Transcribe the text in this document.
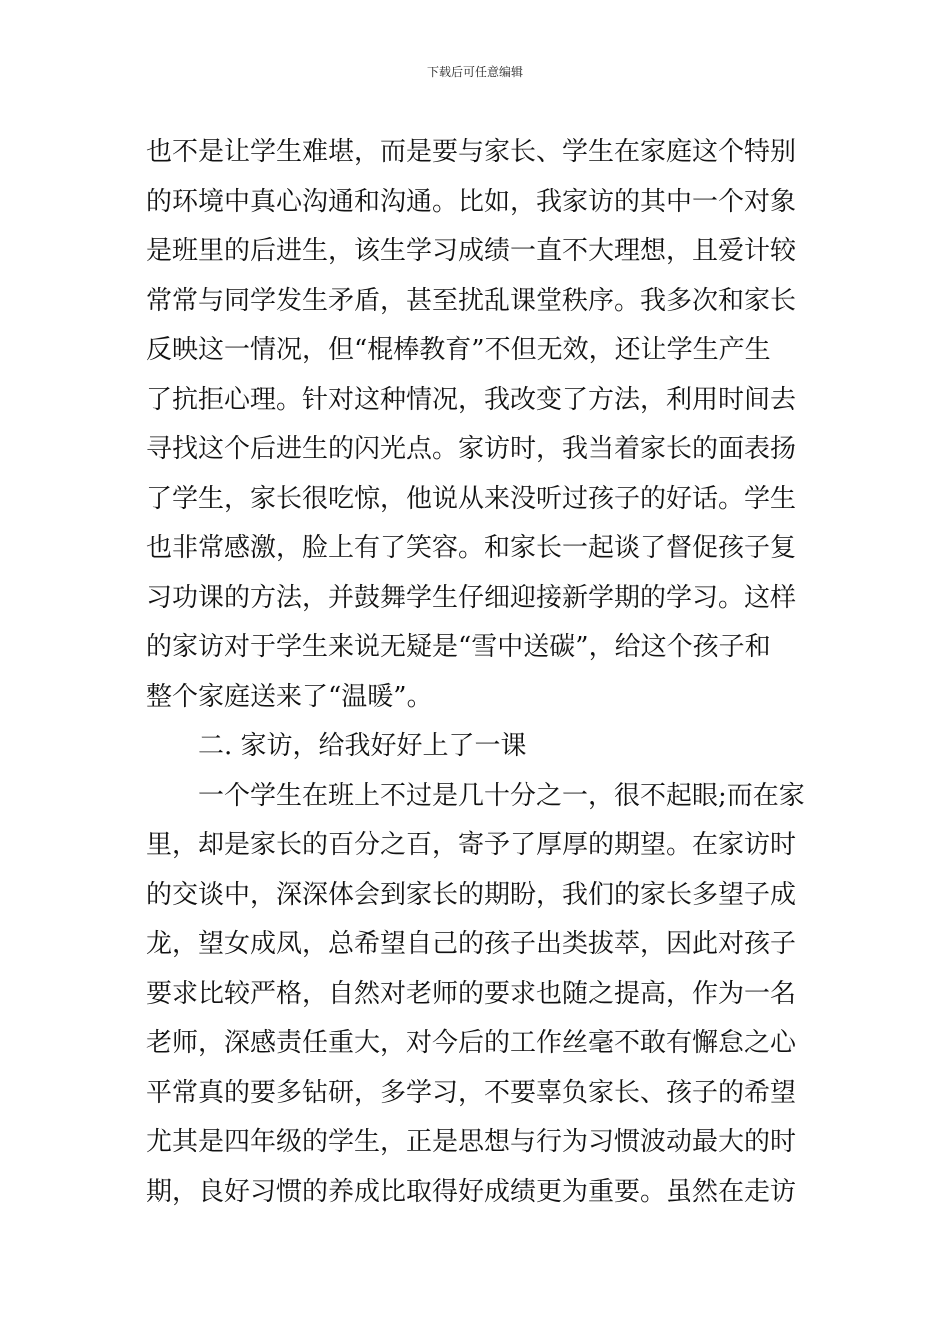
下载后可任意编辑
也不是让学生难堪，而是要与家长、学生在家庭这个特别
的环境中真心沟通和沟通。比如，我家访的其中一个对象
是班里的后进生，该生学习成绩一直不大理想，且爱计较
常常与同学发生矛盾，甚至扰乱课堂秩序。我多次和家长
反映这一情况，但“棍棒教育”不但无效，还让学生产生
了抗拒心理。针对这种情况，我改变了方法，利用时间去
寻找这个后进生的闪光点。家访时，我当着家长的面表扬
了学生，家长很吃惊，他说从来没听过孩子的好话。学生
也非常感激，脸上有了笑容。和家长一起谈了督促孩子复
习功课的方法，并鼓舞学生仔细迎接新学期的学习。这样
的家访对于学生来说无疑是“雪中送碳”，给这个孩子和
整个家庭送来了“温暖”。
二. 家访，给我好好上了一课
一个学生在班上不过是几十分之一，很不起眼;而在家
里，却是家长的百分之百，寄予了厚厚的期望。在家访时
的交谈中，深深体会到家长的期盼，我们的家长多望子成
龙，望女成凤，总希望自己的孩子出类拔萃，因此对孩子
要求比较严格，自然对老师的要求也随之提高，作为一名
老师，深感责任重大，对今后的工作丝毫不敢有懈怠之心
平常真的要多钻研，多学习，不要辜负家长、孩子的希望
尤其是四年级的学生，正是思想与行为习惯波动最大的时
期，良好习惯的养成比取得好成绩更为重要。虽然在走访
